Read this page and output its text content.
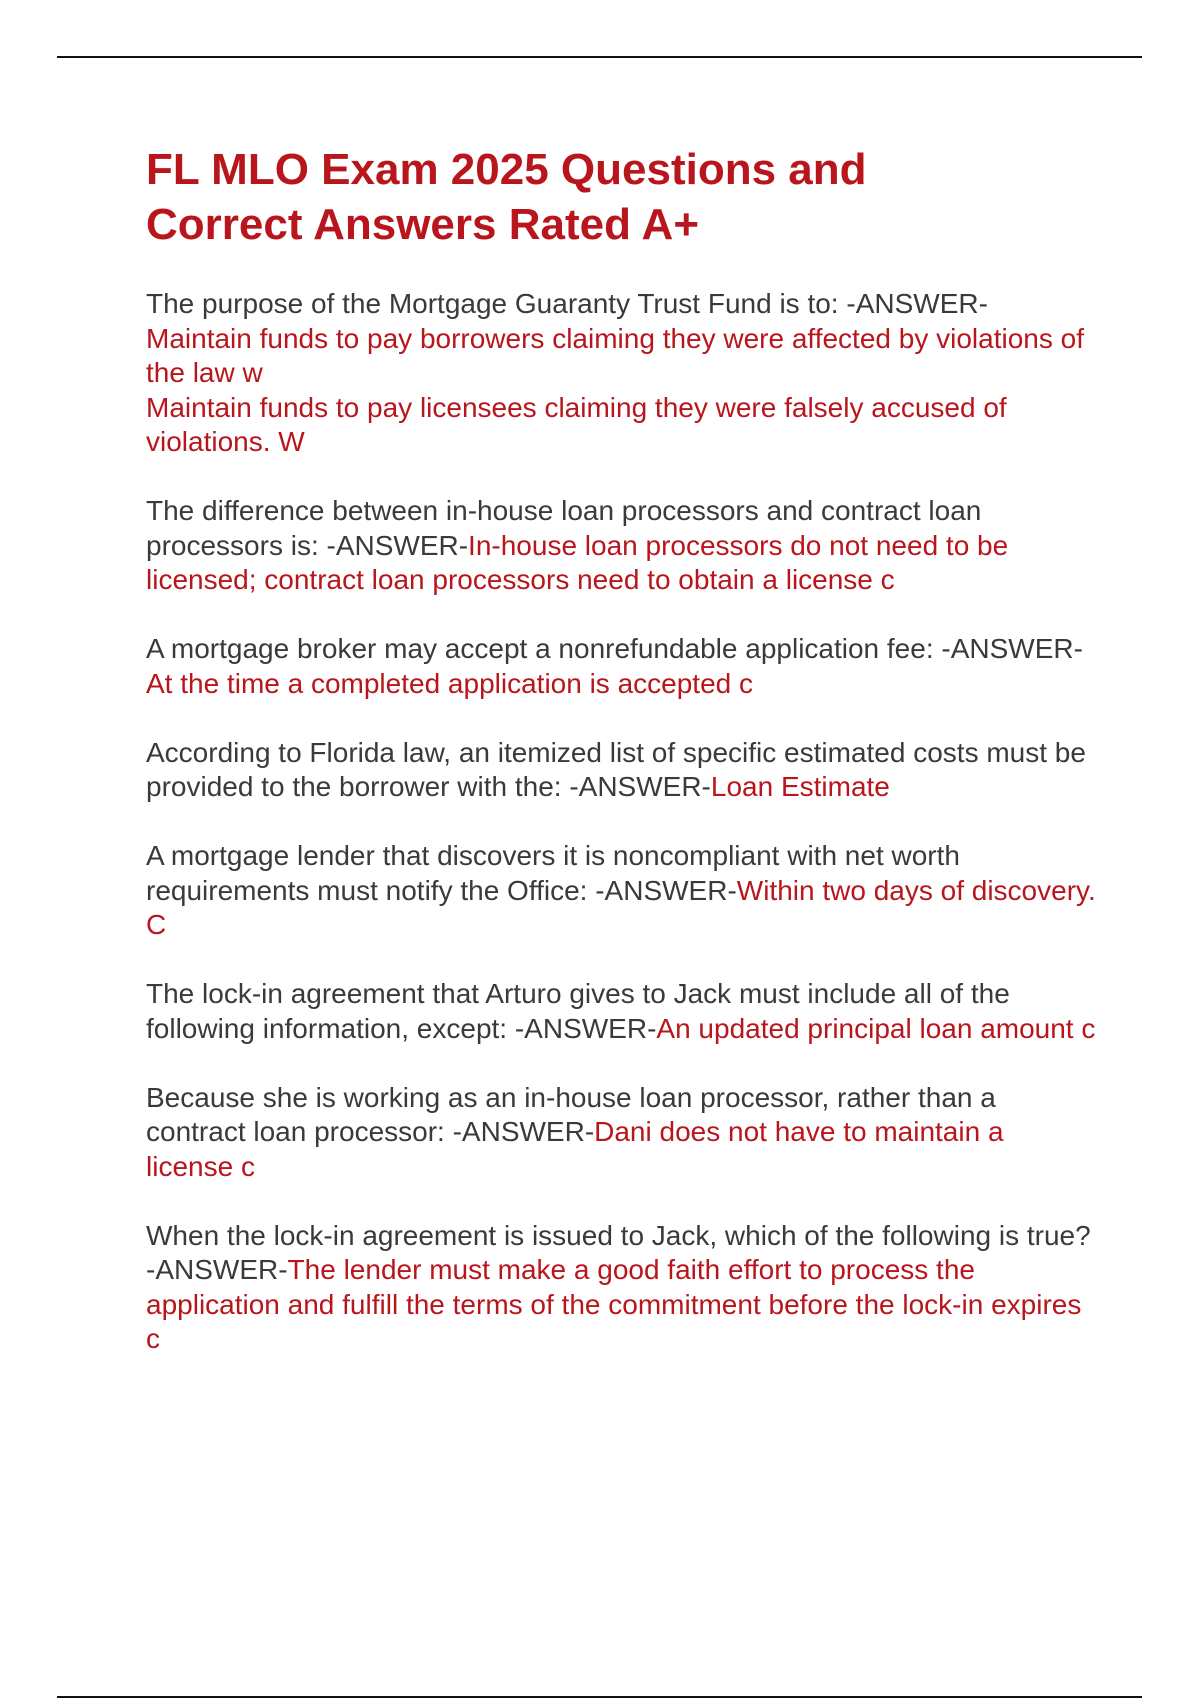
FL MLO Exam 2025 Questions and
Correct Answers Rated A+

The purpose of the Mortgage Guaranty Trust Fund is to: -ANSWER-
Maintain funds to pay borrowers claiming they were affected by violations of the law w
Maintain funds to pay licensees claiming they were falsely accused of violations. W

The difference between in-house loan processors and contract loan processors is: -ANSWER-In-house loan processors do not need to be licensed; contract loan processors need to obtain a license c

A mortgage broker may accept a nonrefundable application fee: -ANSWER-At the time a completed application is accepted c

According to Florida law, an itemized list of specific estimated costs must be provided to the borrower with the: -ANSWER-Loan Estimate

A mortgage lender that discovers it is noncompliant with net worth requirements must notify the Office: -ANSWER-Within two days of discovery. C

The lock-in agreement that Arturo gives to Jack must include all of the following information, except: -ANSWER-An updated principal loan amount c

Because she is working as an in-house loan processor, rather than a contract loan processor: -ANSWER-Dani does not have to maintain a license c

When the lock-in agreement is issued to Jack, which of the following is true? -ANSWER-The lender must make a good faith effort to process the application and fulfill the terms of the commitment before the lock-in expires c
